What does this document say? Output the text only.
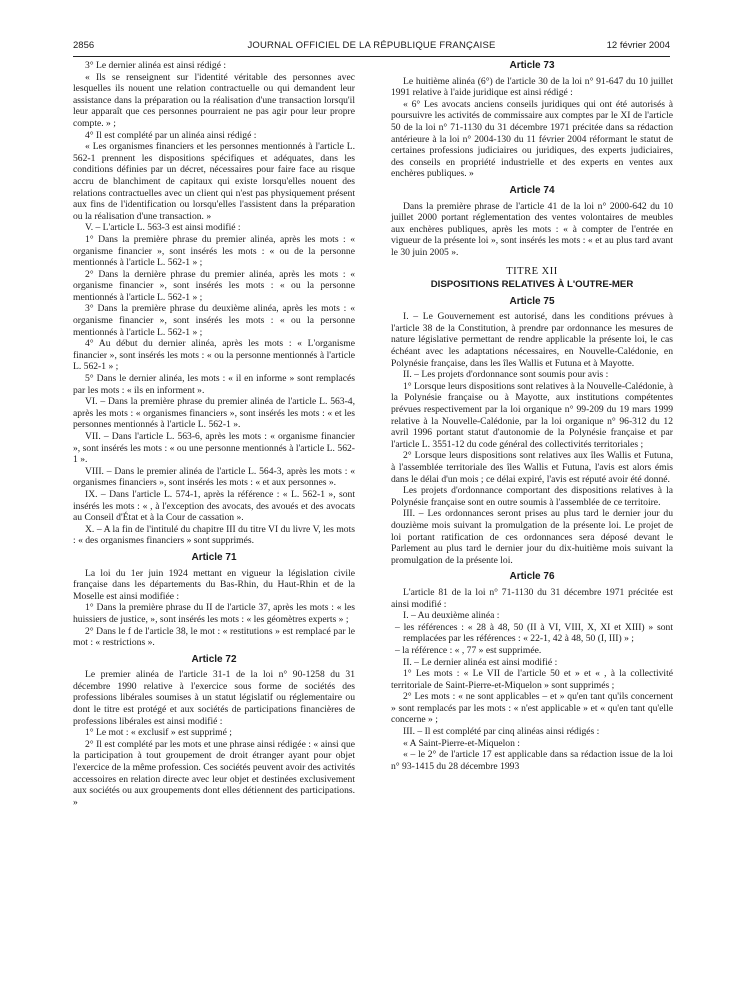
2856	JOURNAL OFFICIEL DE LA RÉPUBLIQUE FRANÇAISE	12 février 2004

3° Le dernier alinéa est ainsi rédigé :

« Ils se renseignent sur l'identité véritable des personnes avec lesquelles ils nouent une relation contractuelle ou qui demandent leur assistance dans la préparation ou la réalisation d'une transaction lorsqu'il leur apparaît que ces personnes pourraient ne pas agir pour leur propre compte. » ;

4° Il est complété par un alinéa ainsi rédigé :

« Les organismes financiers et les personnes mentionnés à l'article L. 562-1 prennent les dispositions spécifiques et adéquates, dans les conditions définies par un décret, nécessaires pour faire face au risque accru de blanchiment de capitaux qui existe lorsqu'elles nouent des relations contractuelles avec un client qui n'est pas physiquement présent aux fins de l'identification ou lorsqu'elles l'assistent dans la préparation ou la réalisation d'une transaction. »

V. – L'article L. 563-3 est ainsi modifié :

1° Dans la première phrase du premier alinéa, après les mots : « organisme financier », sont insérés les mots : « ou de la personne mentionnés à l'article L. 562-1 » ;

2° Dans la dernière phrase du premier alinéa, après les mots : « organisme financier », sont insérés les mots : « ou la personne mentionnés à l'article L. 562-1 » ;

3° Dans la première phrase du deuxième alinéa, après les mots : « organisme financier », sont insérés les mots : « ou la personne mentionnés à l'article L. 562-1 » ;

4° Au début du dernier alinéa, après les mots : « L'organisme financier », sont insérés les mots : « ou la personne mentionnés à l'article L. 562-1 » ;

5° Dans le dernier alinéa, les mots : « il en informe » sont remplacés par les mots : « ils en informent ».

VI. – Dans la première phrase du premier alinéa de l'article L. 563-4, après les mots : « organismes financiers », sont insérés les mots : « et les personnes mentionnés à l'article L. 562-1 ».

VII. – Dans l'article L. 563-6, après les mots : « organisme financier », sont insérés les mots : « ou une personne mentionnés à l'article L. 562-1 ».

VIII. – Dans le premier alinéa de l'article L. 564-3, après les mots : « organismes financiers », sont insérés les mots : « et aux personnes ».

IX. – Dans l'article L. 574-1, après la référence : « L. 562-1 », sont insérés les mots : « , à l'exception des avocats, des avoués et des avocats au Conseil d'État et à la Cour de cassation ».

X. – A la fin de l'intitulé du chapitre III du titre VI du livre V, les mots : « des organismes financiers » sont supprimés.

Article 71

La loi du 1er juin 1924 mettant en vigueur la législation civile française dans les départements du Bas-Rhin, du Haut-Rhin et de la Moselle est ainsi modifiée :

1° Dans la première phrase du II de l'article 37, après les mots : « les huissiers de justice, », sont insérés les mots : « les géomètres experts » ;

2° Dans le f de l'article 38, le mot : « restitutions » est remplacé par le mot : « restrictions ».

Article 72

Le premier alinéa de l'article 31-1 de la loi n° 90-1258 du 31 décembre 1990 relative à l'exercice sous forme de sociétés des professions libérales soumises à un statut législatif ou réglementaire ou dont le titre est protégé et aux sociétés de participations financières de professions libérales est ainsi modifié :

1° Le mot : « exclusif » est supprimé ;

2° Il est complété par les mots et une phrase ainsi rédigée : « ainsi que la participation à tout groupement de droit étranger ayant pour objet l'exercice de la même profession. Ces sociétés peuvent avoir des activités accessoires en relation directe avec leur objet et destinées exclusivement aux sociétés ou aux groupements dont elles détiennent des participations. »

Article 73

Le huitième alinéa (6°) de l'article 30 de la loi n° 91-647 du 10 juillet 1991 relative à l'aide juridique est ainsi rédigé :

« 6° Les avocats anciens conseils juridiques qui ont été autorisés à poursuivre les activités de commissaire aux comptes par le XI de l'article 50 de la loi n° 71-1130 du 31 décembre 1971 précitée dans sa rédaction antérieure à la loi n° 2004-130 du 11 février 2004 réformant le statut de certaines professions judiciaires ou juridiques, des experts judiciaires, des conseils en propriété industrielle et des experts en ventes aux enchères publiques. »

Article 74

Dans la première phrase de l'article 41 de la loi n° 2000-642 du 10 juillet 2000 portant réglementation des ventes volontaires de meubles aux enchères publiques, après les mots : « à compter de l'entrée en vigueur de la présente loi », sont insérés les mots : « et au plus tard avant le 30 juin 2005 ».

TITRE XII
DISPOSITIONS RELATIVES À L'OUTRE-MER
Article 75

I. – Le Gouvernement est autorisé, dans les conditions prévues à l'article 38 de la Constitution, à prendre par ordonnance les mesures de nature législative permettant de rendre applicable la présente loi, le cas échéant avec les adaptations nécessaires, en Nouvelle-Calédonie, en Polynésie française, dans les îles Wallis et Futuna et à Mayotte.

II. – Les projets d'ordonnance sont soumis pour avis :

1° Lorsque leurs dispositions sont relatives à la Nouvelle-Calédonie, à la Polynésie française ou à Mayotte, aux institutions compétentes prévues respectivement par la loi organique n° 99-209 du 19 mars 1999 relative à la Nouvelle-Calédonie, par la loi organique n° 96-312 du 12 avril 1996 portant statut d'autonomie de la Polynésie française et par l'article L. 3551-12 du code général des collectivités territoriales ;

2° Lorsque leurs dispositions sont relatives aux îles Wallis et Futuna, à l'assemblée territoriale des îles Wallis et Futuna, l'avis est alors émis dans le délai d'un mois ; ce délai expiré, l'avis est réputé avoir été donné.

Les projets d'ordonnance comportant des dispositions relatives à la Polynésie française sont en outre soumis à l'assemblée de ce territoire.

III. – Les ordonnances seront prises au plus tard le dernier jour du douzième mois suivant la promulgation de la présente loi. Le projet de loi portant ratification de ces ordonnances sera déposé devant le Parlement au plus tard le dernier jour du dix-huitième mois suivant la promulgation de la présente loi.

Article 76

L'article 81 de la loi n° 71-1130 du 31 décembre 1971 précitée est ainsi modifié :

I. – Au deuxième alinéa :

– les références : « 28 à 48, 50 (II à VI, VIII, X, XI et XIII) » sont remplacées par les références : « 22-1, 42 à 48, 50 (I, III) » ;

– la référence : « , 77 » est supprimée.

II. – Le dernier alinéa est ainsi modifié :

1° Les mots : « Le VII de l'article 50 et » et « , à la collectivité territoriale de Saint-Pierre-et-Miquelon » sont supprimés ;

2° Les mots : « ne sont applicables – et » qu'en tant qu'ils concernent » sont remplacés par les mots : « n'est applicable » et « qu'en tant qu'elle concerne » ;

III. – Il est complété par cinq alinéas ainsi rédigés :

« A Saint-Pierre-et-Miquelon :

« – le 2° de l'article 17 est applicable dans sa rédaction issue de la loi n° 93-1415 du 28 décembre 1993
